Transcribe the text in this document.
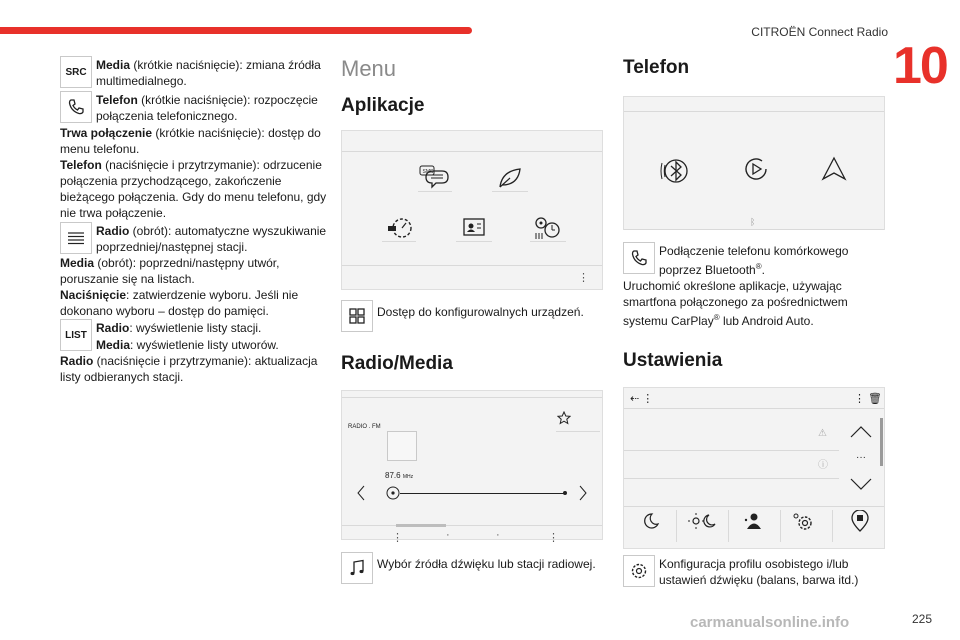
CITROËN Connect Radio
10
225
carmanualsonline.info
SRC Media (krótkie naciśnięcie): zmiana źródła multimedialnego.

Telefon (krótkie naciśnięcie): rozpoczęcie połączenia telefonicznego.

Trwa połączenie (krótkie naciśnięcie): dostęp do menu telefonu.

Telefon (naciśnięcie i przytrzymanie): odrzucenie połączenia przychodzącego, zakończenie bieżącego połączenia. Gdy do menu telefonu, gdy nie trwa połączenie.

Radio (obrót): automatyczne wyszukiwanie poprzedniej/następnej stacji.

Media (obrót): poprzedni/następny utwór, poruszanie się na listach.

Naciśnięcie: zatwierdzenie wyboru. Jeśli nie dokonano wyboru – dostęp do pamięci.

LIST Radio: wyświetlenie listy stacji.

Media: wyświetlenie listy utworów.

Radio (naciśnięcie i przytrzymanie): aktualizacja listy odbieranych stacji.

Menu
Aplikacje
SMS
⋮

Dostęp do konfigurowalnych urządzeń.

Radio/Media
RADIO . FM
87.6 MHz
⋮	·	·	⋮

Wybór źródła dźwięku lub stacji radiowej.

Telefon
ᛒ

Podłączenie telefonu komórkowego poprzez Bluetooth®.

Uruchomić określone aplikacje, używając smartfona połączonego za pośrednictwem systemu CarPlay® lub Android Auto.

Ustawienia
⇠ ⋮	⋮ 🗑
⚠
ⓘ
···

Konfiguracja profilu osobistego i/lub ustawień dźwięku (balans, barwa itd.)
